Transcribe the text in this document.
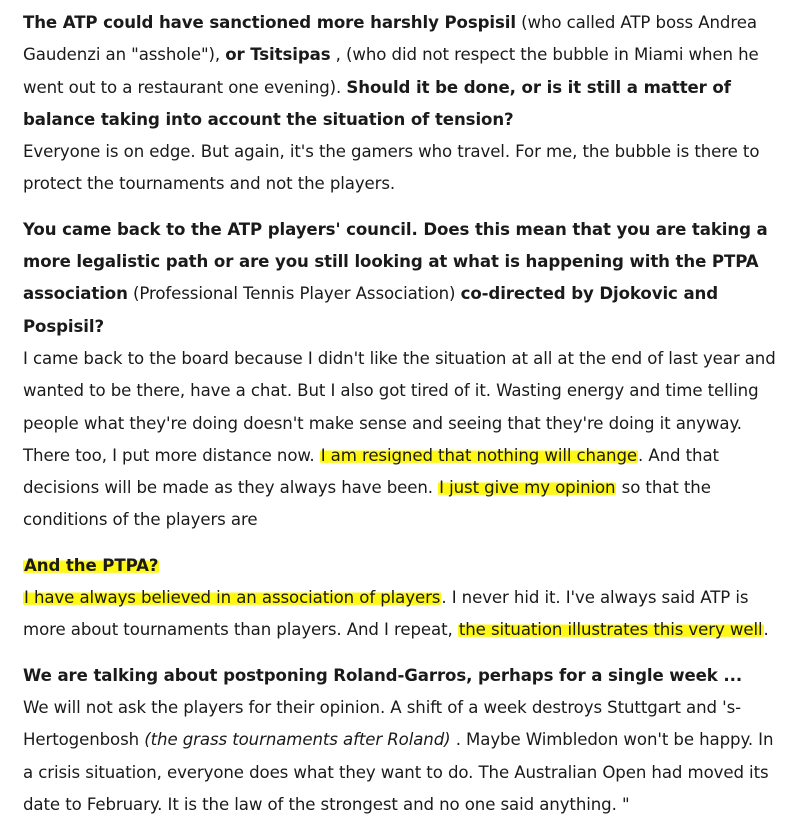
The ATP could have sanctioned more harshly Pospisil (who called ATP boss Andrea Gaudenzi an "asshole"), or Tsitsipas , (who did not respect the bubble in Miami when he went out to a restaurant one evening). Should it be done, or is it still a matter of balance taking into account the situation of tension?

Everyone is on edge. But again, it's the gamers who travel. For me, the bubble is there to protect the tournaments and not the players.

You came back to the ATP players' council. Does this mean that you are taking a more legalistic path or are you still looking at what is happening with the PTPA association (Professional Tennis Player Association) co-directed by Djokovic and Pospisil?

I came back to the board because I didn't like the situation at all at the end of last year and wanted to be there, have a chat. But I also got tired of it. Wasting energy and time telling people what they're doing doesn't make sense and seeing that they're doing it anyway. There too, I put more distance now. I am resigned that nothing will change. And that decisions will be made as they always have been. I just give my opinion so that the conditions of the players are

And the PTPA?

I have always believed in an association of players. I never hid it. I've always said ATP is more about tournaments than players. And I repeat, the situation illustrates this very well.

We are talking about postponing Roland-Garros, perhaps for a single week ...

We will not ask the players for their opinion. A shift of a week destroys Stuttgart and 's-Hertogenbosh (the grass tournaments after Roland) . Maybe Wimbledon won't be happy. In a crisis situation, everyone does what they want to do. The Australian Open had moved its date to February. It is the law of the strongest and no one said anything. "
